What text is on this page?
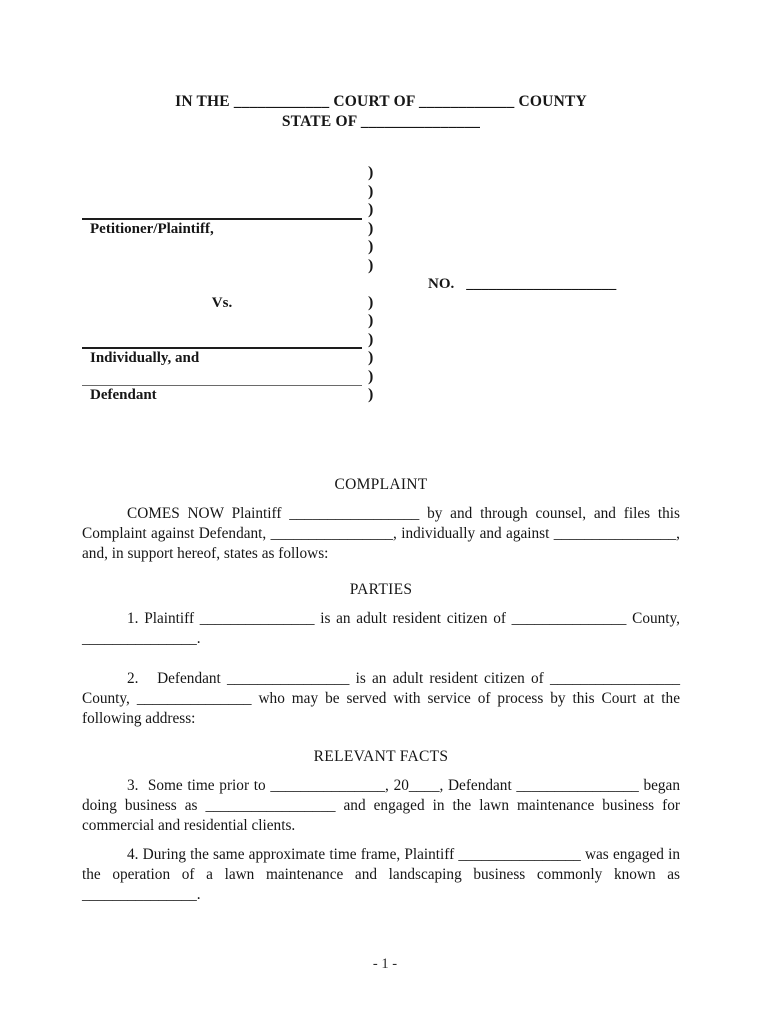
IN THE ____________ COURT OF ____________ COUNTY
STATE OF _______________
)
)
)
Petitioner/Plaintiff,	)
)
)
NO. ____________________
Vs.	)
)
)
Individually, and	)
)
Defendant	)
COMPLAINT

COMES NOW Plaintiff _________________ by and through counsel, and files this Complaint against Defendant, ________________, individually and against ________________, and, in support hereof, states as follows:

PARTIES

1. Plaintiff _______________ is an adult resident citizen of _______________ County, _______________.

2.   Defendant ________________ is an adult resident citizen of _________________ County, _______________ who may be served with service of process by this Court at the following address:

RELEVANT FACTS

3.  Some time prior to _______________, 20____, Defendant ________________ began doing business as _________________ and engaged in the lawn maintenance business for commercial and residential clients.

4. During the same approximate time frame, Plaintiff ________________ was engaged in the operation of a lawn maintenance and landscaping business commonly known as _______________.

- 1 -
